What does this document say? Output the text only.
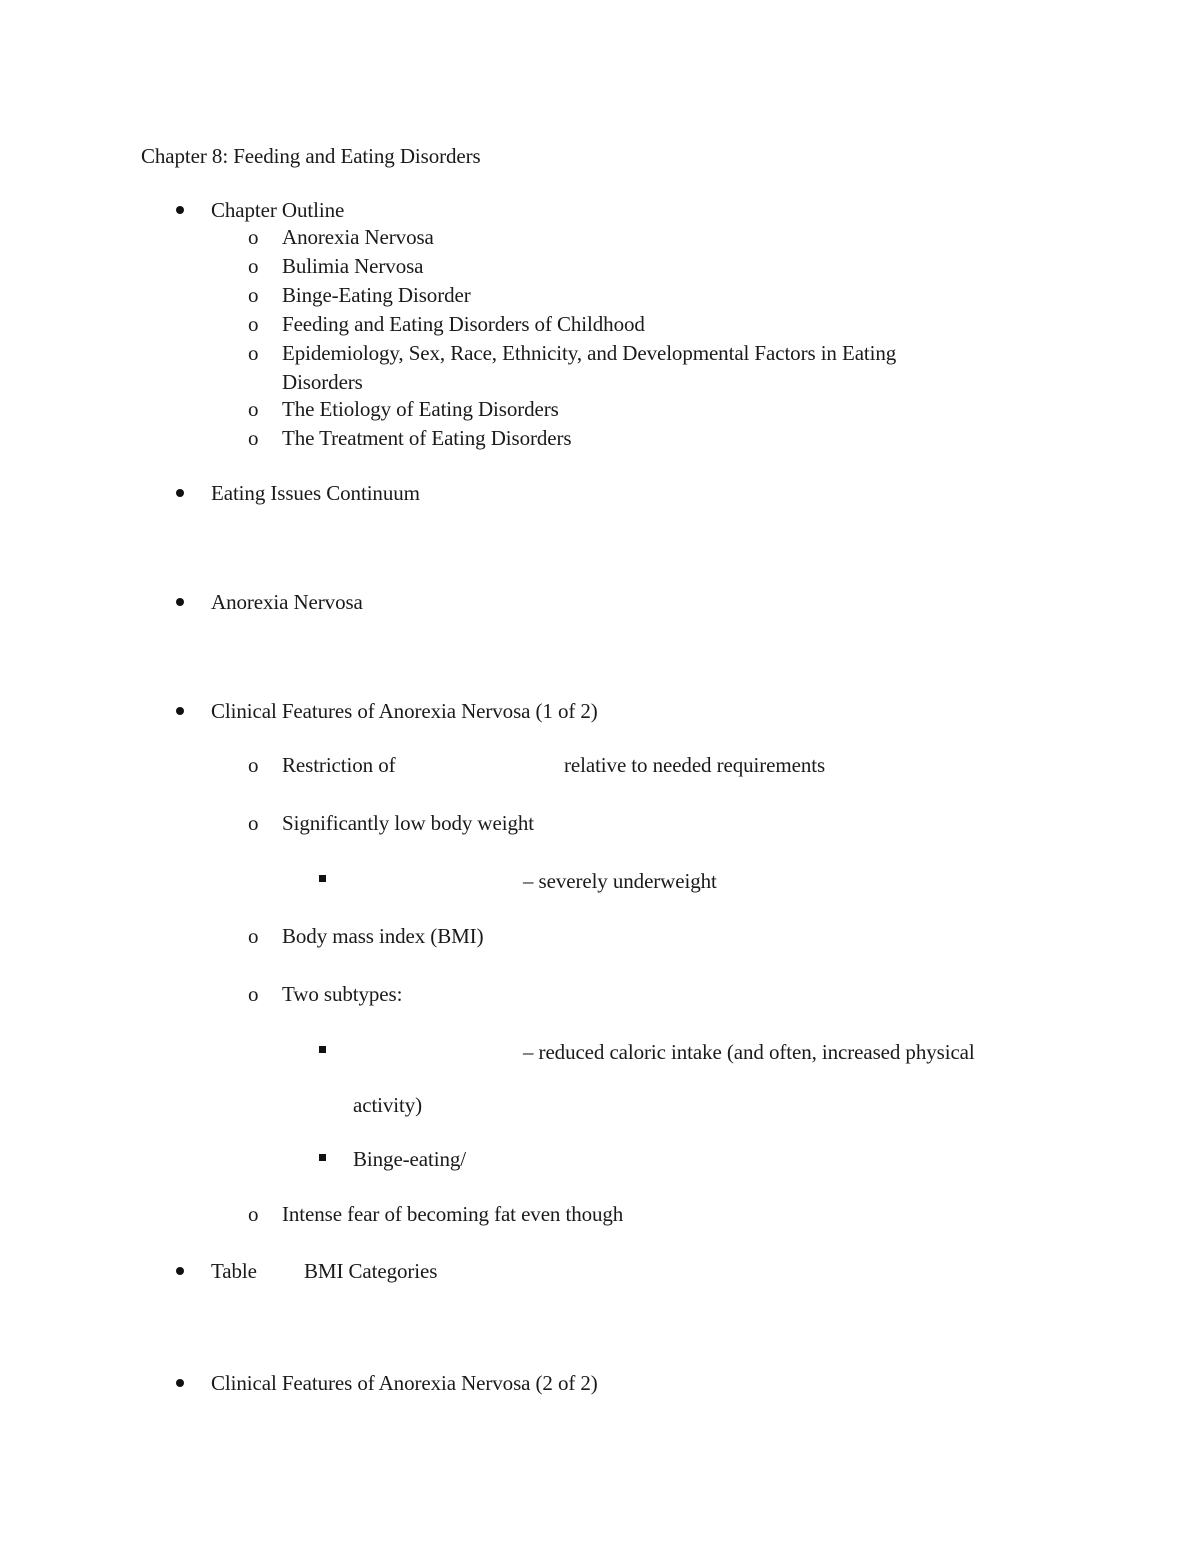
Chapter 8: Feeding and Eating Disorders
Chapter Outline
o Anorexia Nervosa
o Bulimia Nervosa
o Binge-Eating Disorder
o Feeding and Eating Disorders of Childhood
o Epidemiology, Sex, Race, Ethnicity, and Developmental Factors in Eating
Disorders
o The Etiology of Eating Disorders
o The Treatment of Eating Disorders
Eating Issues Continuum
Anorexia Nervosa
Clinical Features of Anorexia Nervosa (1 of 2)
o Restriction of	relative to needed requirements
o Significantly low body weight
– severely underweight
o Body mass index (BMI)
o Two subtypes:
– reduced caloric intake (and often, increased physical
activity)
Binge-eating/
o Intense fear of becoming fat even though
Table BMI Categories
Clinical Features of Anorexia Nervosa (2 of 2)
